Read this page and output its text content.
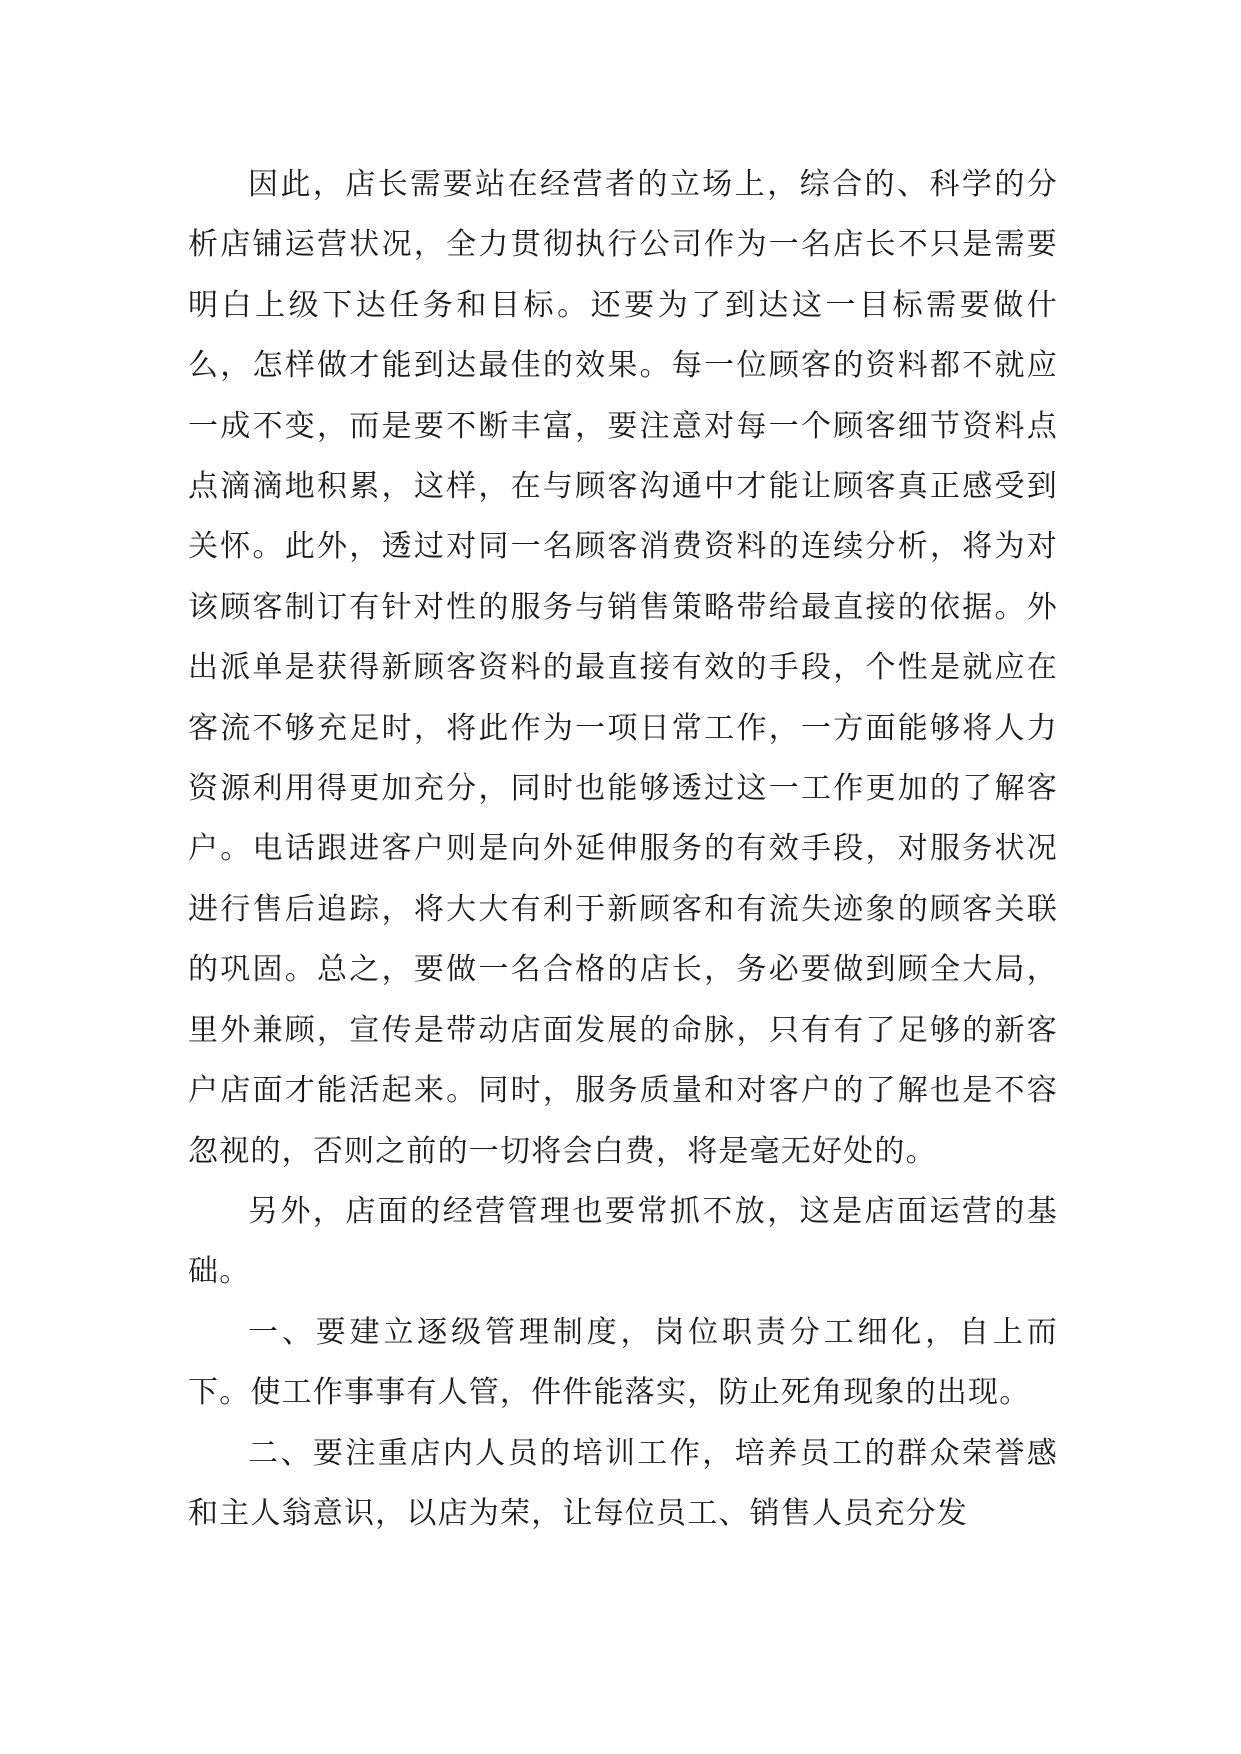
因此，店长需要站在经营者的立场上，综合的、科学的分析店铺运营状况，全力贯彻执行公司作为一名店长不只是需要明白上级下达任务和目标。还要为了到达这一目标需要做什么，怎样做才能到达最佳的效果。每一位顾客的资料都不就应一成不变，而是要不断丰富，要注意对每一个顾客细节资料点点滴滴地积累，这样，在与顾客沟通中才能让顾客真正感受到关怀。此外，透过对同一名顾客消费资料的连续分析，将为对该顾客制订有针对性的服务与销售策略带给最直接的依据。外出派单是获得新顾客资料的最直接有效的手段，个性是就应在客流不够充足时，将此作为一项日常工作，一方面能够将人力资源利用得更加充分，同时也能够透过这一工作更加的了解客户。电话跟进客户则是向外延伸服务的有效手段，对服务状况进行售后追踪，将大大有利于新顾客和有流失迹象的顾客关联的巩固。总之，要做一名合格的店长，务必要做到顾全大局，里外兼顾，宣传是带动店面发展的命脉，只有有了足够的新客户店面才能活起来。同时，服务质量和对客户的了解也是不容忽视的，否则之前的一切将会白费，将是毫无好处的。

另外，店面的经营管理也要常抓不放，这是店面运营的基础。

一、要建立逐级管理制度，岗位职责分工细化，自上而下。使工作事事有人管，件件能落实，防止死角现象的出现。

二、要注重店内人员的培训工作，培养员工的群众荣誉感和主人翁意识，以店为荣，让每位员工、销售人员充分发
